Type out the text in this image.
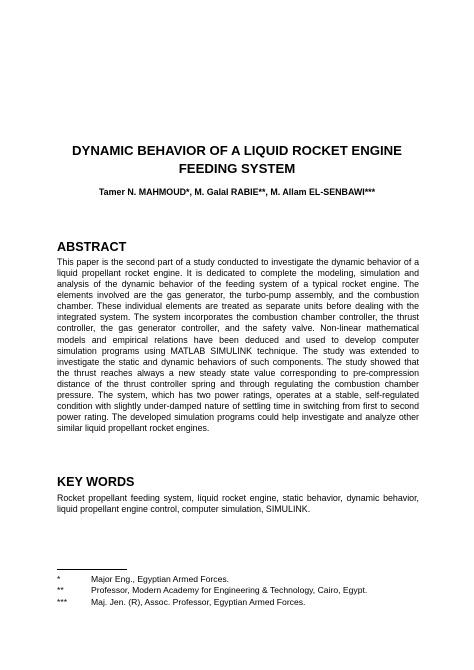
DYNAMIC BEHAVIOR OF A LIQUID ROCKET ENGINE
FEEDING SYSTEM

Tamer N. MAHMOUD*, M. Galal RABIE**, M. Allam EL-SENBAWI***

ABSTRACT

This paper is the second part of a study conducted to investigate the dynamic behavior of a liquid propellant rocket engine. It is dedicated to complete the modeling, simulation and analysis of the dynamic behavior of the feeding system of a typical rocket engine. The elements involved are the gas generator, the turbo-pump assembly, and the combustion chamber. These individual elements are treated as separate units before dealing with the integrated system. The system incorporates the combustion chamber controller, the thrust controller, the gas generator controller, and the safety valve. Non-linear mathematical models and empirical relations have been deduced and used to develop computer simulation programs using MATLAB SIMULINK technique. The study was extended to investigate the static and dynamic behaviors of such components. The study showed that the thrust reaches always a new steady state value corresponding to pre-compression distance of the thrust controller spring and through regulating the combustion chamber pressure. The system, which has two power ratings, operates at a stable, self-regulated condition with slightly under-damped nature of settling time in switching from first to second power rating. The developed simulation programs could help investigate and analyze other similar liquid propellant rocket engines.

KEY WORDS

Rocket propellant feeding system, liquid rocket engine, static behavior, dynamic behavior, liquid propellant engine control, computer simulation, SIMULINK.

*	Major Eng., Egyptian Armed Forces.
**	Professor, Modern Academy for Engineering & Technology, Cairo, Egypt.
***	Maj. Jen. (R), Assoc. Professor, Egyptian Armed Forces.
